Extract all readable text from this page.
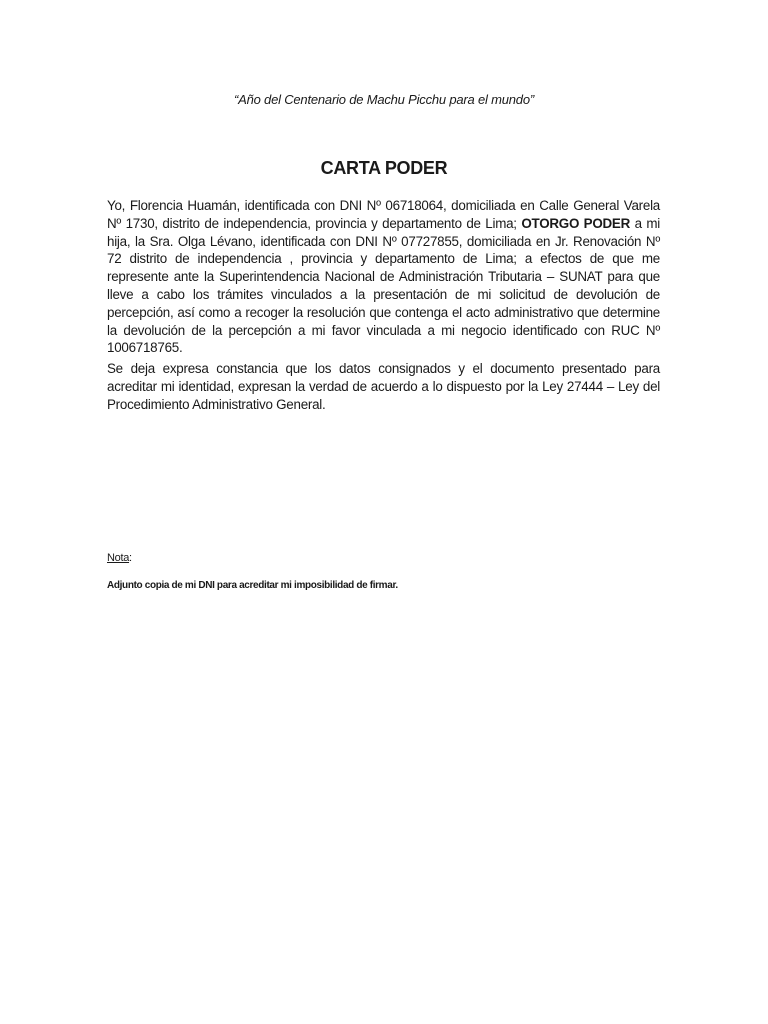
“Año del Centenario de Machu Picchu para el mundo”
CARTA PODER
Yo, Florencia Huamán, identificada con DNI Nº 06718064, domiciliada en Calle General Varela Nº 1730, distrito de independencia, provincia y departamento de Lima; OTORGO PODER a mi hija, la Sra. Olga Lévano, identificada con DNI Nº 07727855, domiciliada en Jr. Renovación Nº 72 distrito de independencia , provincia y departamento de Lima; a efectos de que me represente ante la Superintendencia Nacional de Administración Tributaria – SUNAT para que lleve a cabo los trámites vinculados a la presentación de mi solicitud de devolución de percepción, así como a recoger la resolución que contenga el acto administrativo que determine la devolución de la percepción a mi favor vinculada a mi negocio identificado con RUC Nº 1006718765.
Se deja expresa constancia que los datos consignados y el documento presentado para acreditar mi identidad, expresan la verdad de acuerdo a lo dispuesto por la Ley 27444 – Ley del Procedimiento Administrativo General.
Nota:
Adjunto copia de mi DNI para acreditar mi imposibilidad de firmar.
